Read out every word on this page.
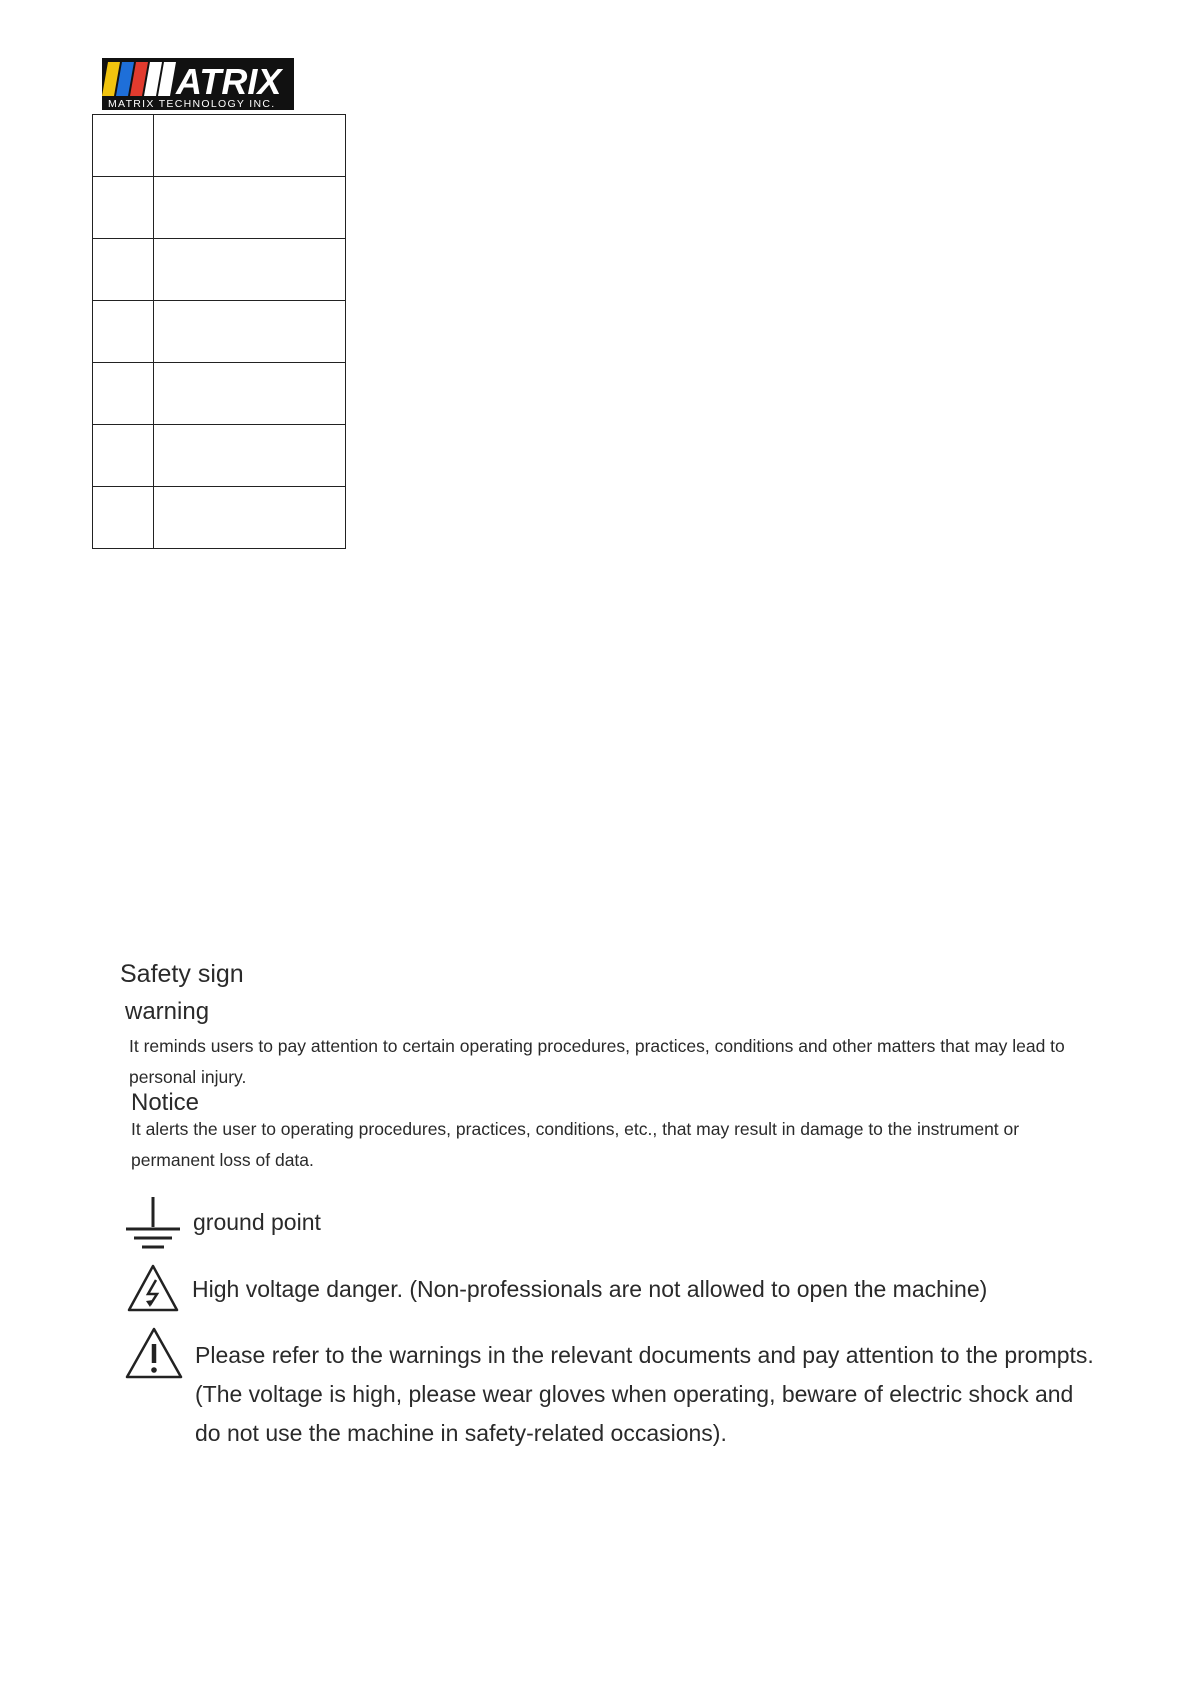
ATRIX
MATRIX TECHNOLOGY INC.

Safety sign
warning
It reminds users to pay attention to certain operating procedures, practices, conditions and other matters that may lead to personal injury.
Notice
It alerts the user to operating procedures, practices, conditions, etc., that may result in damage to the instrument or permanent loss of data.
ground point
High voltage danger. (Non-professionals are not allowed to open the machine)
Please refer to the warnings in the relevant documents and pay attention to the prompts. (The voltage is high, please wear gloves when operating, beware of electric shock and do not use the machine in safety-related occasions).
